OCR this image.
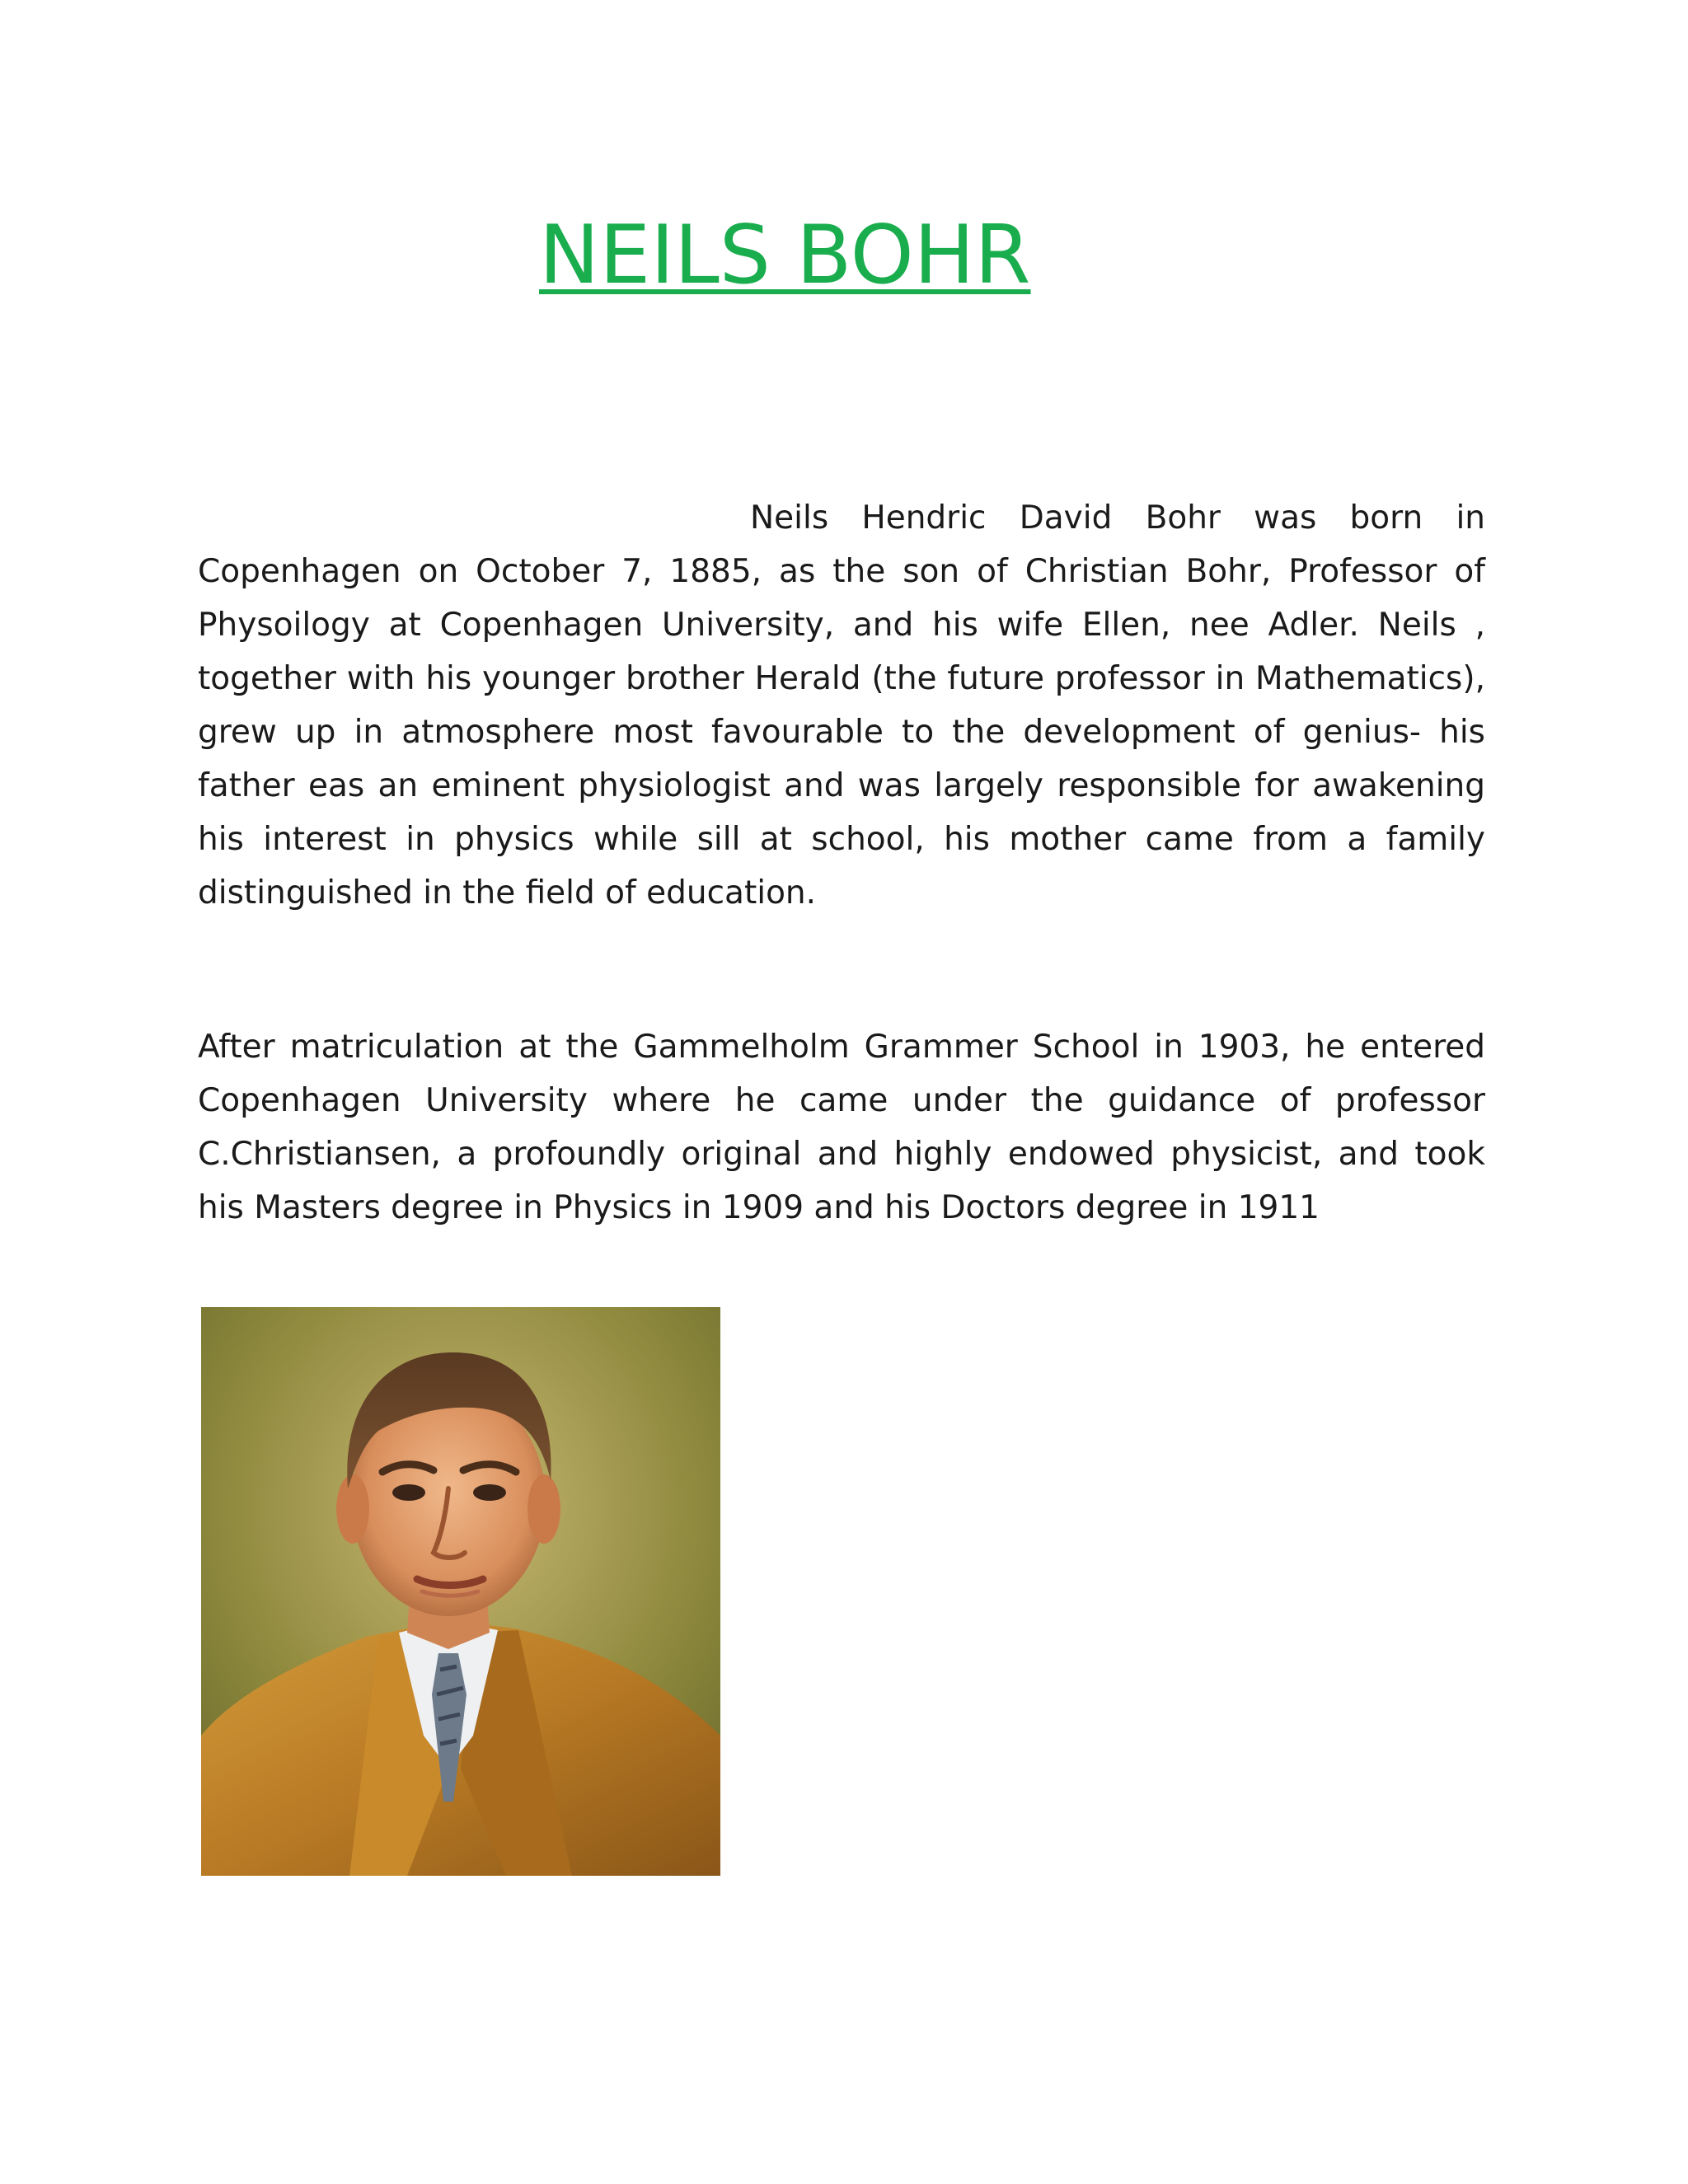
NEILS BOHR

Neils Hendric David Bohr was born in Copenhagen on October 7, 1885, as the son of Christian Bohr, Professor of Physoilogy at Copenhagen University, and his wife Ellen, nee Adler. Neils , together with his younger brother Herald (the future professor in Mathematics), grew up in atmosphere most favourable to the development of genius- his father eas an eminent physiologist and was largely responsible for awakening his interest in physics while sill at school, his mother came from a family distinguished in the field of education.

After matriculation at the Gammelholm Grammer School in 1903, he entered Copenhagen University where he came under the guidance of professor C.Christiansen, a profoundly original and highly endowed physicist, and took his Masters degree in Physics in 1909 and his Doctors degree in 1911
